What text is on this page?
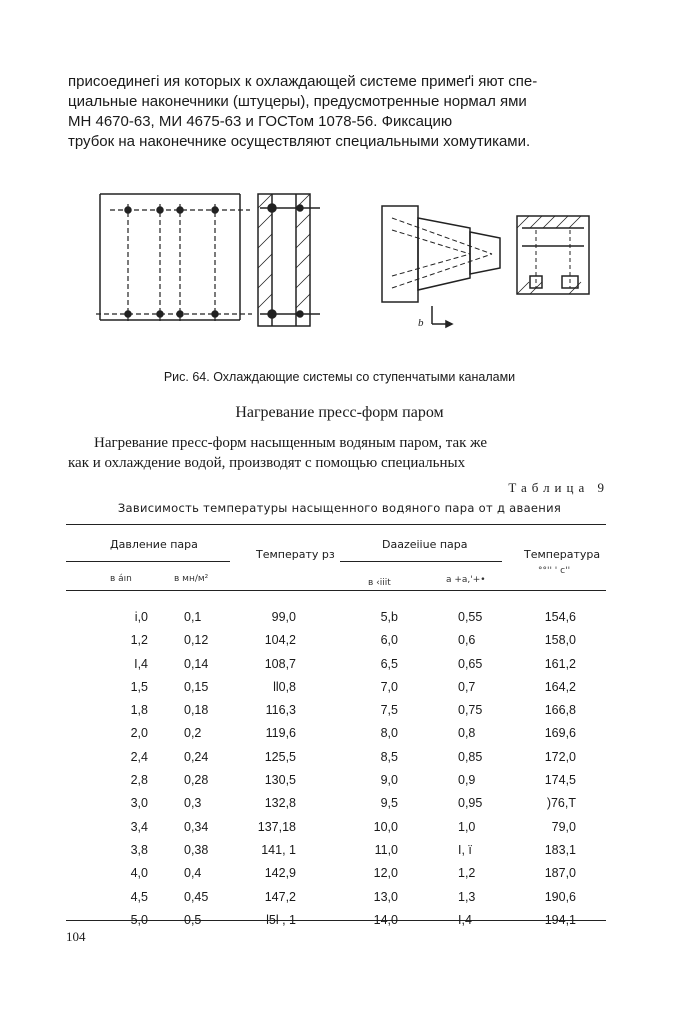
присоединегі ия которых к охлаждающей системе примеґі яют спе-

циальные наконечники (штуцеры), предусмотренные нормал ями

МН 4670-63, МИ 4675-63 и ГОСТом 1078-56. Фиксацию

трубок на наконечнике осуществляют специальными хомутиками.

b
Рис. 64. Охлаждающие системы со ступенчатыми каналами
Нагревание пресс-форм паром

Нагревание пресс-форм насыщенным водяным паром, так же

как и охлаждение водой, производят с помощью специальных

Таблица 9
Зависимость температуры насыщенного водяного пара от д авaения
Давление пара
Температу рз
Daazeiiue пара
Температура
в áın	в мн/м²	в ‹iiit	a +a,'+•
°°'' ' c''
i,0	0,1	99,0	5,b	0,55	154,6
1,2	0,12	104,2	6,0	0,6	158,0
I,4	0,14	108,7	6,5	0,65	161,2
1,5	0,15	ll0,8	7,0	0,7	164,2
1,8	0,18	116,3	7,5	0,75	166,8
2,0	0,2	119,6	8,0	0,8	169,6
2,4	0,24	125,5	8,5	0,85	172,0
2,8	0,28	130,5	9,0	0,9	174,5
3,0	0,3	132,8	9,5	0,95	)76,T
3,4	0,34	137,18	10,0	1,0	79,0
3,8	0,38	141, 1	11,0	I, ï	183,1
4,0	0,4	142,9	12,0	1,2	187,0
4,5	0,45	147,2	13,0	1,3	190,6
5,0	0,5	l5l , 1	14,0	I,4	194,1
104
